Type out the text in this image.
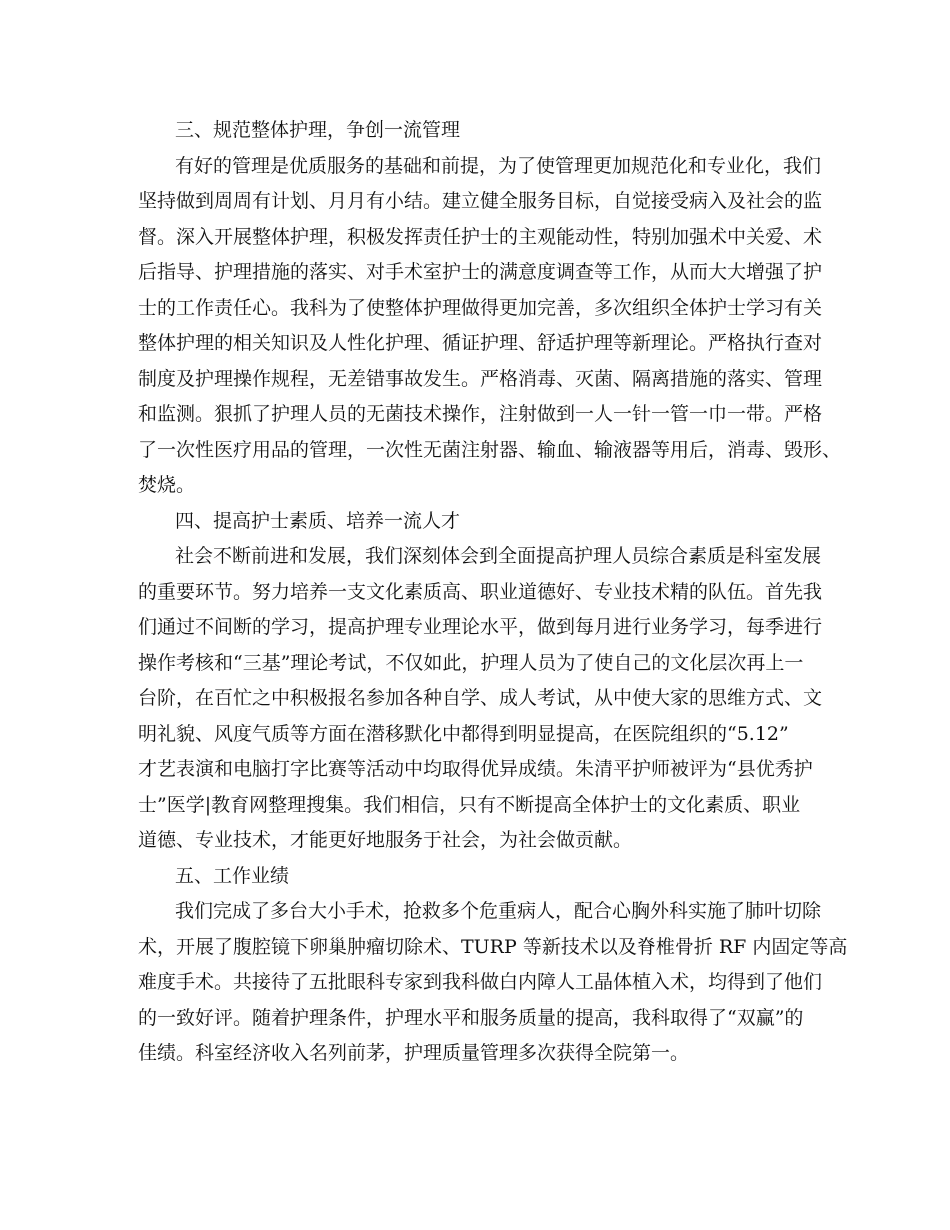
三、规范整体护理，争创一流管理
有好的管理是优质服务的基础和前提，为了使管理更加规范化和专业化，我们
坚持做到周周有计划、月月有小结。建立健全服务目标，自觉接受病入及社会的监
督。深入开展整体护理，积极发挥责任护士的主观能动性，特别加强术中关爱、术
后指导、护理措施的落实、对手术室护士的满意度调查等工作，从而大大增强了护
士的工作责任心。我科为了使整体护理做得更加完善，多次组织全体护士学习有关
整体护理的相关知识及人性化护理、循证护理、舒适护理等新理论。严格执行查对
制度及护理操作规程，无差错事故发生。严格消毒、灭菌、隔离措施的落实、管理
和监测。狠抓了护理人员的无菌技术操作，注射做到一人一针一管一巾一带。严格
了一次性医疗用品的管理，一次性无菌注射器、输血、输液器等用后，消毒、毁形、
焚烧。
四、提高护士素质、培养一流人才
社会不断前进和发展，我们深刻体会到全面提高护理人员综合素质是科室发展
的重要环节。努力培养一支文化素质高、职业道德好、专业技术精的队伍。首先我
们通过不间断的学习，提高护理专业理论水平，做到每月进行业务学习，每季进行
操作考核和“三基”理论考试，不仅如此，护理人员为了使自己的文化层次再上一
台阶，在百忙之中积极报名参加各种自学、成人考试，从中使大家的思维方式、文
明礼貌、风度气质等方面在潜移默化中都得到明显提高，在医院组织的“5.12”
才艺表演和电脑打字比赛等活动中均取得优异成绩。朱清平护师被评为“县优秀护
士”医学|教育网整理搜集。我们相信，只有不断提高全体护士的文化素质、职业
道德、专业技术，才能更好地服务于社会，为社会做贡献。
五、工作业绩
我们完成了多台大小手术，抢救多个危重病人，配合心胸外科实施了肺叶切除
术，开展了腹腔镜下卵巢肿瘤切除术、TURP 等新技术以及脊椎骨折 RF 内固定等高
难度手术。共接待了五批眼科专家到我科做白内障人工晶体植入术，均得到了他们
的一致好评。随着护理条件，护理水平和服务质量的提高，我科取得了“双赢”的
佳绩。科室经济收入名列前茅，护理质量管理多次获得全院第一。
